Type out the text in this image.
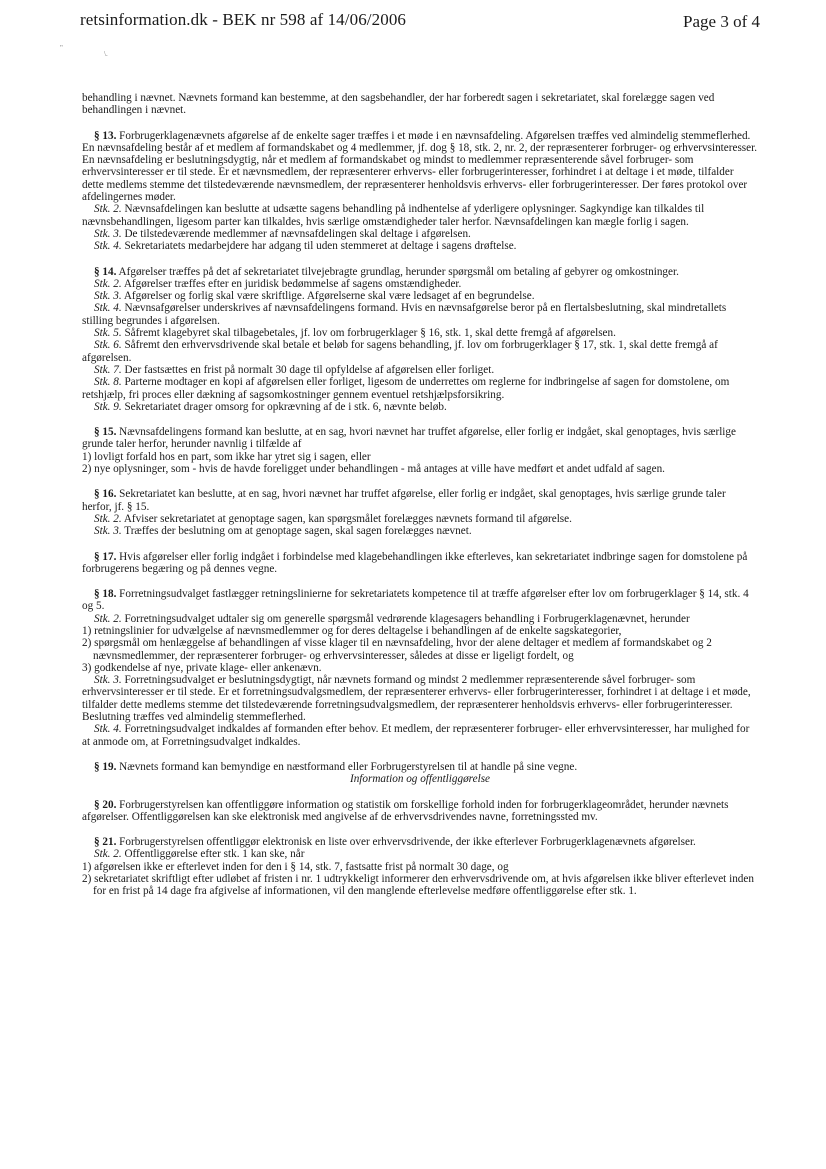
retsinformation.dk - BEK nr 598 af 14/06/2006	Page 3 of 4
"
\.

behandling i nævnet. Nævnets formand kan bestemme, at den sagsbehandler, der har forberedt sagen i sekretariatet, skal forelægge sagen ved behandlingen i nævnet.

§ 13. Forbrugerklagenævnets afgørelse af de enkelte sager træffes i et møde i en nævnsafdeling. Afgørelsen træffes ved almindelig stemmeflerhed. En nævnsafdeling består af et medlem af formandskabet og 4 medlemmer, jf. dog § 18, stk. 2, nr. 2, der repræsenterer forbruger- og erhvervsinteresser. En nævnsafdeling er beslutningsdygtig, når et medlem af formandskabet og mindst to medlemmer repræsenterende såvel forbruger- som erhvervsinteresser er til stede. Er et nævnsmedlem, der repræsenterer erhvervs- eller forbrugerinteresser, forhindret i at deltage i et møde, tilfalder dette medlems stemme det tilstedeværende nævnsmedlem, der repræsenterer henholdsvis erhvervs- eller forbrugerinteresser. Der føres protokol over afdelingernes møder.

Stk. 2. Nævnsafdelingen kan beslutte at udsætte sagens behandling på indhentelse af yderligere oplysninger. Sagkyndige kan tilkaldes til nævnsbehandlingen, ligesom parter kan tilkaldes, hvis særlige omstændigheder taler herfor. Nævnsafdelingen kan mægle forlig i sagen.

Stk. 3. De tilstedeværende medlemmer af nævnsafdelingen skal deltage i afgørelsen.

Stk. 4. Sekretariatets medarbejdere har adgang til uden stemmeret at deltage i sagens drøftelse.

§ 14. Afgørelser træffes på det af sekretariatet tilvejebragte grundlag, herunder spørgsmål om betaling af gebyrer og omkostninger.

Stk. 2. Afgørelser træffes efter en juridisk bedømmelse af sagens omstændigheder.

Stk. 3. Afgørelser og forlig skal være skriftlige. Afgørelserne skal være ledsaget af en begrundelse.

Stk. 4. Nævnsafgørelser underskrives af nævnsafdelingens formand. Hvis en nævnsafgørelse beror på en flertalsbeslutning, skal mindretallets stilling begrundes i afgørelsen.

Stk. 5. Såfremt klagebyret skal tilbagebetales, jf. lov om forbrugerklager § 16, stk. 1, skal dette fremgå af afgørelsen.

Stk. 6. Såfremt den erhvervsdrivende skal betale et beløb for sagens behandling, jf. lov om forbrugerklager § 17, stk. 1, skal dette fremgå af afgørelsen.

Stk. 7. Der fastsættes en frist på normalt 30 dage til opfyldelse af afgørelsen eller forliget.

Stk. 8. Parterne modtager en kopi af afgørelsen eller forliget, ligesom de underrettes om reglerne for indbringelse af sagen for domstolene, om retshjælp, fri proces eller dækning af sagsomkostninger gennem eventuel retshjælpsforsikring.

Stk. 9. Sekretariatet drager omsorg for opkrævning af de i stk. 6, nævnte beløb.

§ 15. Nævnsafdelingens formand kan beslutte, at en sag, hvori nævnet har truffet afgørelse, eller forlig er indgået, skal genoptages, hvis særlige grunde taler herfor, herunder navnlig i tilfælde af

1) lovligt forfald hos en part, som ikke har ytret sig i sagen, eller

2) nye oplysninger, som - hvis de havde foreligget under behandlingen - må antages at ville have medført et andet udfald af sagen.

§ 16. Sekretariatet kan beslutte, at en sag, hvori nævnet har truffet afgørelse, eller forlig er indgået, skal genoptages, hvis særlige grunde taler herfor, jf. § 15.

Stk. 2. Afviser sekretariatet at genoptage sagen, kan spørgsmålet forelægges nævnets formand til afgørelse.

Stk. 3. Træffes der beslutning om at genoptage sagen, skal sagen forelægges nævnet.

§ 17. Hvis afgørelser eller forlig indgået i forbindelse med klagebehandlingen ikke efterleves, kan sekretariatet indbringe sagen for domstolene på forbrugerens begæring og på dennes vegne.

§ 18. Forretningsudvalget fastlægger retningslinierne for sekretariatets kompetence til at træffe afgørelser efter lov om forbrugerklager § 14, stk. 4 og 5.

Stk. 2. Forretningsudvalget udtaler sig om generelle spørgsmål vedrørende klagesagers behandling i Forbrugerklagenævnet, herunder

1) retningslinier for udvælgelse af nævnsmedlemmer og for deres deltagelse i behandlingen af de enkelte sagskategorier,

2) spørgsmål om henlæggelse af behandlingen af visse klager til en nævnsafdeling, hvor der alene deltager et medlem af formandskabet og 2 nævnsmedlemmer, der repræsenterer forbruger- og erhvervsinteresser, således at disse er ligeligt fordelt, og

3) godkendelse af nye, private klage- eller ankenævn.

Stk. 3. Forretningsudvalget er beslutningsdygtigt, når nævnets formand og mindst 2 medlemmer repræsenterende såvel forbruger- som erhvervsinteresser er til stede. Er et forretningsudvalgsmedlem, der repræsenterer erhvervs- eller forbrugerinteresser, forhindret i at deltage i et møde, tilfalder dette medlems stemme det tilstedeværende forretningsudvalgsmedlem, der repræsenterer henholdsvis erhvervs- eller forbrugerinteresser. Beslutning træffes ved almindelig stemmeflerhed.

Stk. 4. Forretningsudvalget indkaldes af formanden efter behov. Et medlem, der repræsenterer forbruger- eller erhvervsinteresser, har mulighed for at anmode om, at Forretningsudvalget indkaldes.

§ 19. Nævnets formand kan bemyndige en næstformand eller Forbrugerstyrelsen til at handle på sine vegne.

Information og offentliggørelse

§ 20. Forbrugerstyrelsen kan offentliggøre information og statistik om forskellige forhold inden for forbrugerklageområdet, herunder nævnets afgørelser. Offentliggørelsen kan ske elektronisk med angivelse af de erhvervsdrivendes navne, forretningssted mv.

§ 21. Forbrugerstyrelsen offentliggør elektronisk en liste over erhvervsdrivende, der ikke efterlever Forbrugerklagenævnets afgørelser.

Stk. 2. Offentliggørelse efter stk. 1 kan ske, når

1) afgørelsen ikke er efterlevet inden for den i § 14, stk. 7, fastsatte frist på normalt 30 dage, og

2) sekretariatet skriftligt efter udløbet af fristen i nr. 1 udtrykkeligt informerer den erhvervsdrivende om, at hvis afgørelsen ikke bliver efterlevet inden for en frist på 14 dage fra afgivelse af informationen, vil den manglende efterlevelse medføre offentliggørelse efter stk. 1.
